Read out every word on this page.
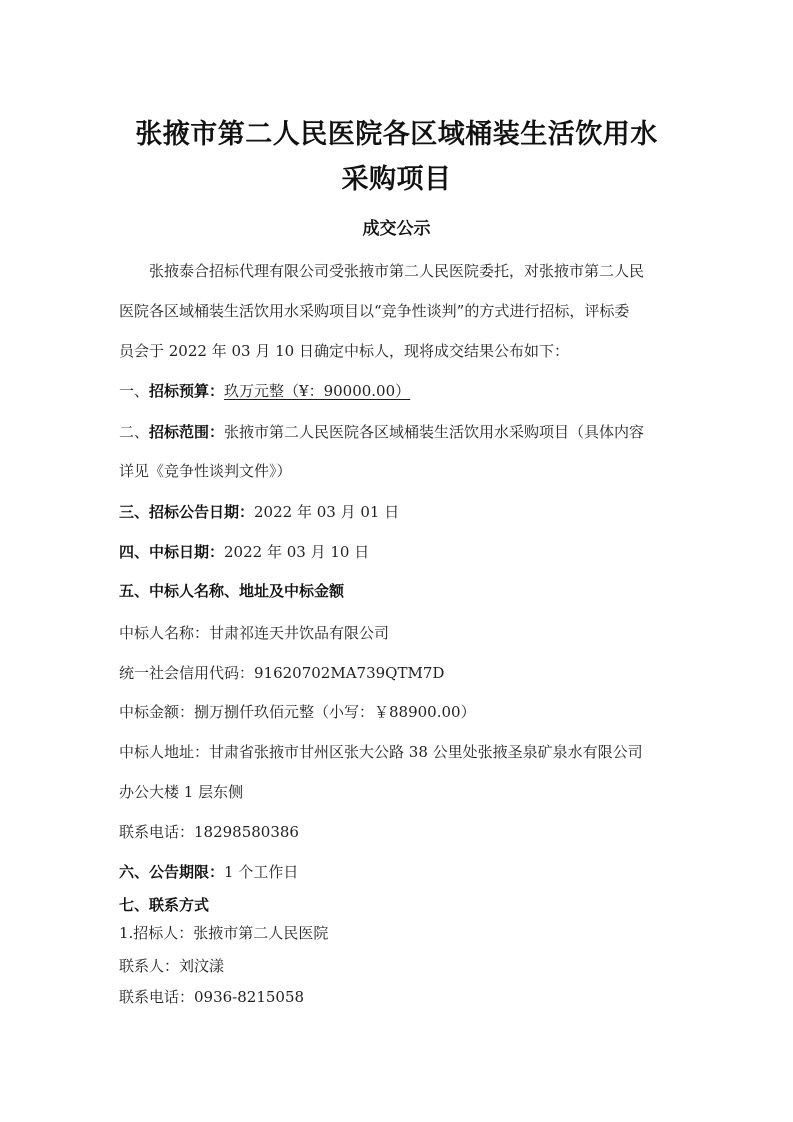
张掖市第二人民医院各区域桶装生活饮用水
采购项目
成交公示
张掖泰合招标代理有限公司受张掖市第二人民医院委托，对张掖市第二人民
医院各区域桶装生活饮用水采购项目以“竞争性谈判”的方式进行招标，评标委
员会于 2022 年 03 月 10 日确定中标人，现将成交结果公布如下：
一、招标预算：玖万元整（¥：90000.00）
二、招标范围：张掖市第二人民医院各区域桶装生活饮用水采购项目（具体内容
详见《竞争性谈判文件》）
三、招标公告日期：2022 年 03 月 01 日
四、中标日期：2022 年 03 月 10 日
五、中标人名称、地址及中标金额
中标人名称：甘肃祁连天井饮品有限公司
统一社会信用代码：91620702MA739QTM7D
中标金额：捌万捌仟玖佰元整（小写：￥88900.00）
中标人地址：甘肃省张掖市甘州区张大公路 38 公里处张掖圣泉矿泉水有限公司
办公大楼 1 层东侧
联系电话：18298580386
六、公告期限：1 个工作日
七、联系方式
1.招标人：张掖市第二人民医院
联系人：刘汶漾
联系电话：0936-8215058
